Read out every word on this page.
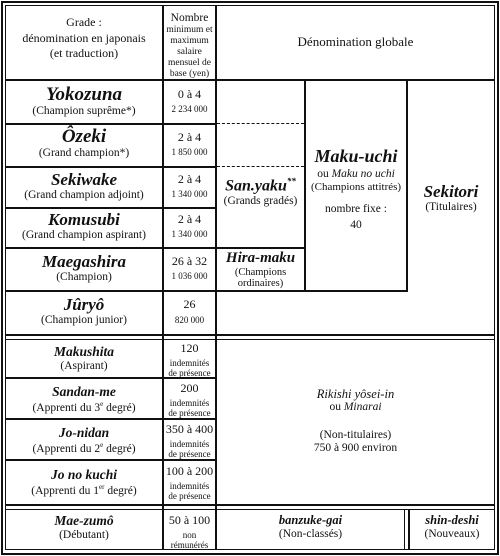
Grade :
dénomination en japonais
(et traduction)
Nombre
minimum et
maximum
salaire
mensuel de
base (yen)
Dénomination globale
Yokozuna
(Champion suprême*)
Ôzeki
(Grand champion*)
Sekiwake
(Grand champion adjoint)
Komusubi
(Grand champion aspirant)
Maegashira
(Champion)
Jûryô
(Champion junior)
Makushita
(Aspirant)
Sandan-me
(Apprenti du 3e degré)
Jo-nidan
(Apprenti du 2e degré)
Jo no kuchi
(Apprenti du 1er degré)
Mae-zumô
(Débutant)
0 à 4
2 234 000
2 à 4
1 850 000
2 à 4
1 340 000
2 à 4
1 340 000
26 à 32
1 036 000
26
820 000
120
indemnités
de présence
200
indemnités
de présence
350 à 400
indemnités
de présence
100 à 200
indemnités
de présence
50 à 100
non rémunérés
San.yaku**
(Grands gradés)
Hira-maku
(Champions
ordinaires)
Maku-uchi
ou Maku no uchi
(Champions attitrés)
nombre fixe :
40
Sekitori
(Titulaires)
Rikishi yôsei-in
ou Minarai
(Non-titulaires)
750 à 900 environ
banzuke-gai
(Non-classés)
shin-deshi
(Nouveaux)
